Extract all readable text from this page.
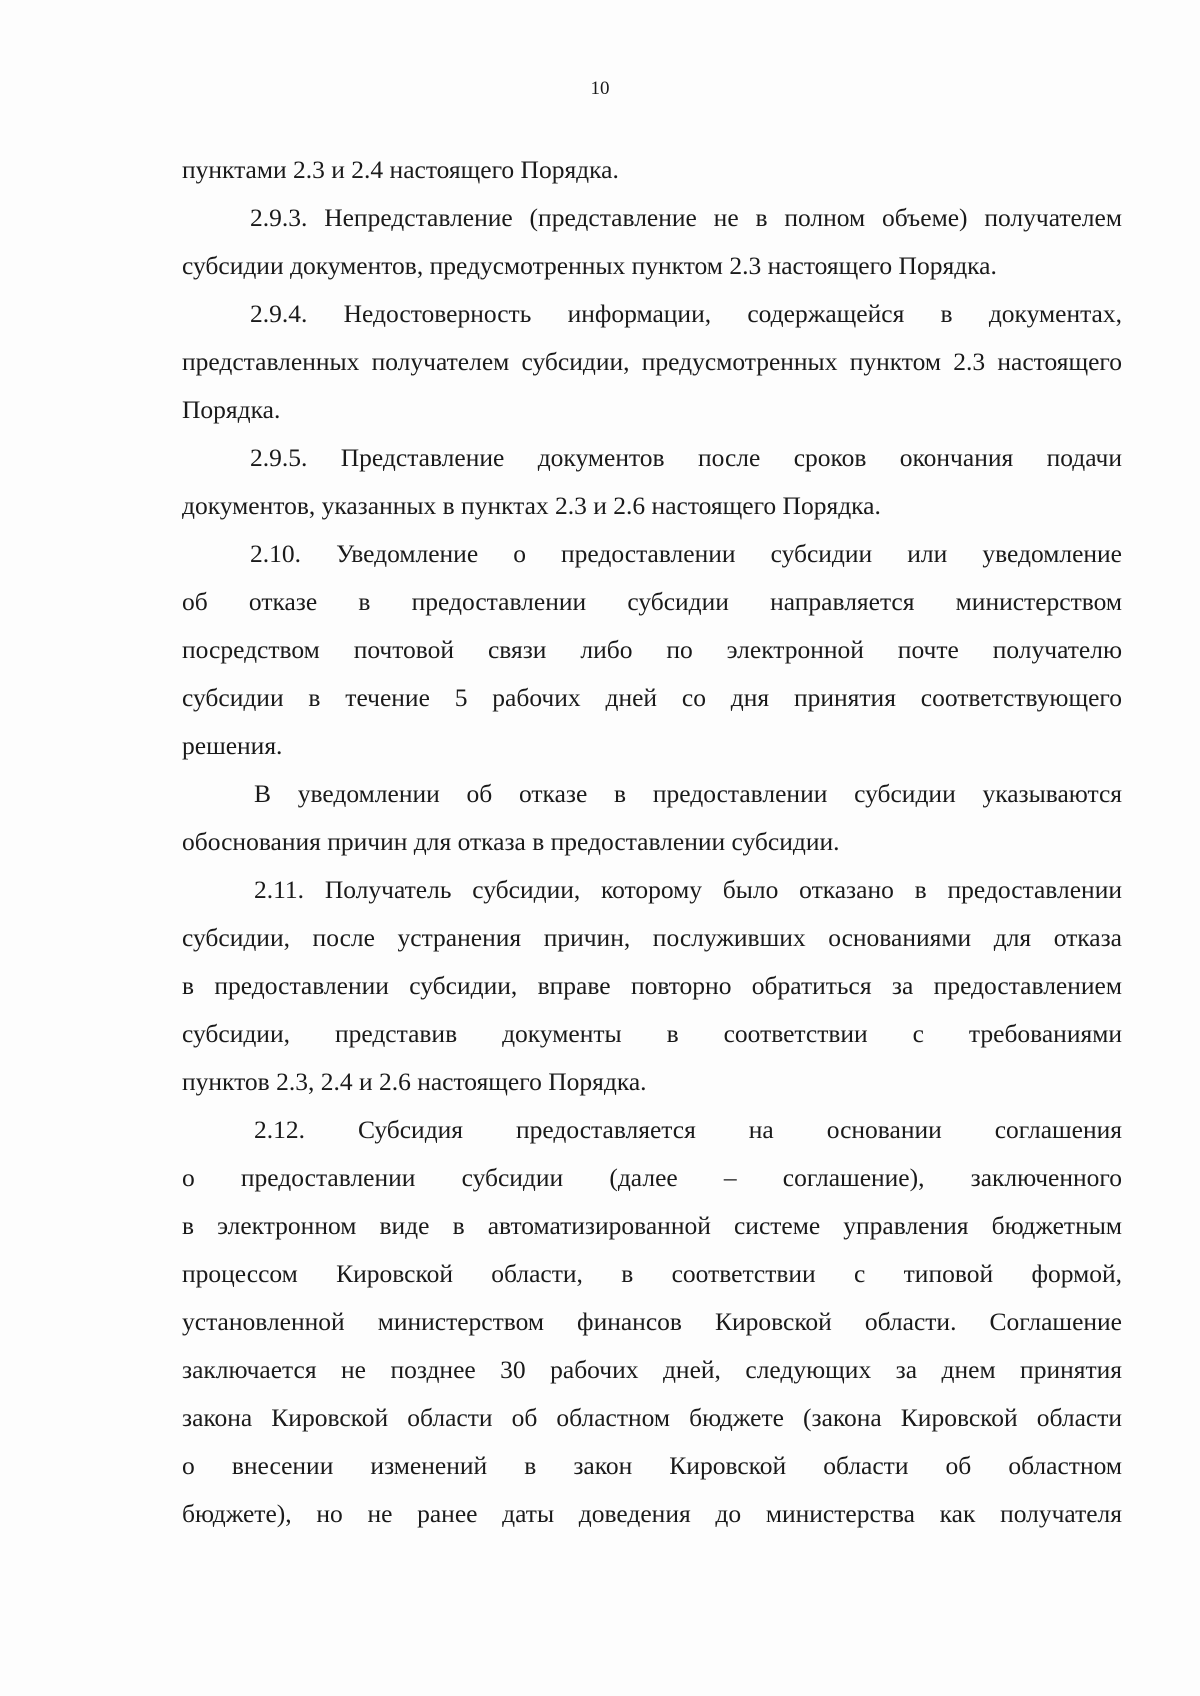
10
пунктами 2.3 и 2.4 настоящего Порядка.
2.9.3. Непредставление (представление не в полном объеме) получателем
субсидии документов, предусмотренных пунктом 2.3 настоящего Порядка.
2.9.4. Недостоверность информации, содержащейся в документах,
представленных получателем субсидии, предусмотренных пунктом 2.3 настоящего
Порядка.
2.9.5. Представление документов после сроков окончания подачи
документов, указанных в пунктах 2.3 и 2.6 настоящего Порядка.
2.10. Уведомление о предоставлении субсидии или уведомление
об отказе в предоставлении субсидии направляется министерством
посредством почтовой связи либо по электронной почте получателю
субсидии в течение 5 рабочих дней со дня принятия соответствующего
решения.
В уведомлении об отказе в предоставлении субсидии указываются
обоснования причин для отказа в предоставлении субсидии.
2.11. Получатель субсидии, которому было отказано в предоставлении
субсидии, после устранения причин, послуживших основаниями для отказа
в предоставлении субсидии, вправе повторно обратиться за предоставлением
субсидии, представив документы в соответствии с требованиями
пунктов 2.3, 2.4 и 2.6 настоящего Порядка.
2.12. Субсидия предоставляется на основании соглашения
о предоставлении субсидии (далее – соглашение), заключенного
в электронном виде в автоматизированной системе управления бюджетным
процессом Кировской области, в соответствии с типовой формой,
установленной министерством финансов Кировской области. Соглашение
заключается не позднее 30 рабочих дней, следующих за днем принятия
закона Кировской области об областном бюджете (закона Кировской области
о внесении изменений в закон Кировской области об областном
бюджете), но не ранее даты доведения до министерства как получателя
